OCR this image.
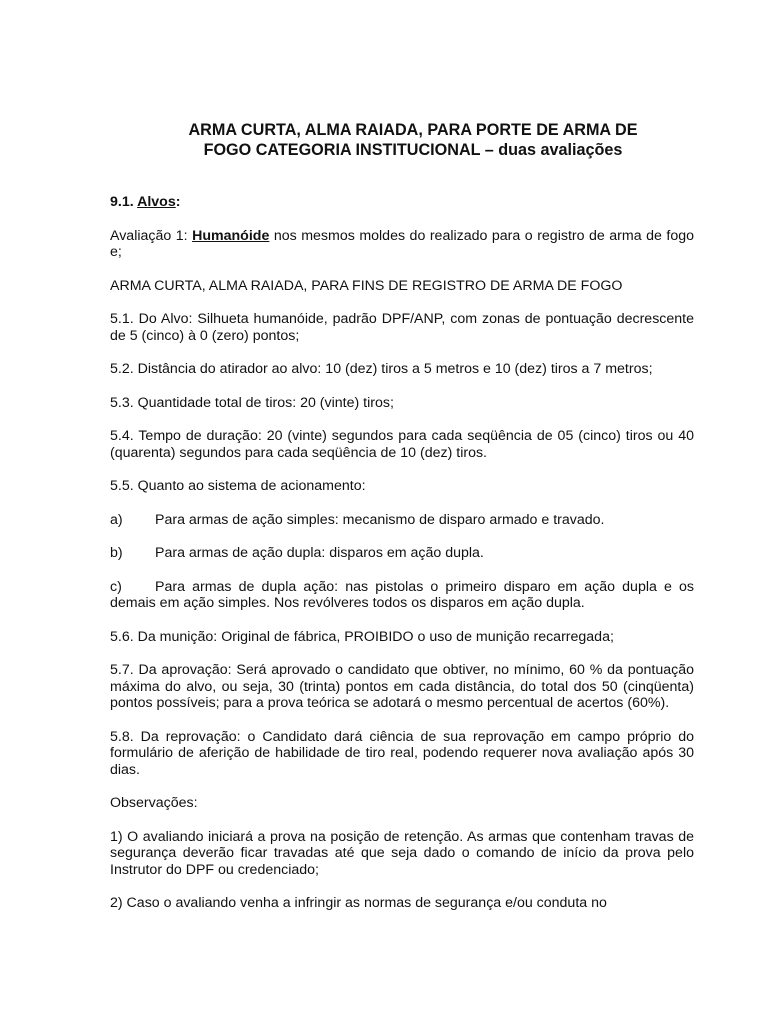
ARMA CURTA, ALMA RAIADA, PARA PORTE DE ARMA DE
FOGO CATEGORIA INSTITUCIONAL – duas avaliações
9.1. Alvos:

Avaliação 1: Humanóide nos mesmos moldes do realizado para o registro de arma de fogo e;

ARMA CURTA, ALMA RAIADA, PARA FINS DE REGISTRO DE ARMA DE FOGO

5.1. Do Alvo: Silhueta humanóide, padrão DPF/ANP, com zonas de pontuação decrescente de 5 (cinco) à 0 (zero) pontos;

5.2. Distância do atirador ao alvo: 10 (dez) tiros a 5 metros e 10 (dez) tiros a 7 metros;

5.3. Quantidade total de tiros: 20 (vinte) tiros;

5.4. Tempo de duração: 20 (vinte) segundos para cada seqüência de 05 (cinco) tiros ou 40 (quarenta) segundos para cada seqüência de 10 (dez) tiros.

5.5. Quanto ao sistema de acionamento:

a) Para armas de ação simples: mecanismo de disparo armado e travado.

b) Para armas de ação dupla: disparos em ação dupla.

c) Para armas de dupla ação: nas pistolas o primeiro disparo em ação dupla e os demais em ação simples. Nos revólveres todos os disparos em ação dupla.

5.6. Da munição: Original de fábrica, PROIBIDO o uso de munição recarregada;

5.7. Da aprovação: Será aprovado o candidato que obtiver, no mínimo, 60 % da pontuação máxima do alvo, ou seja, 30 (trinta) pontos em cada distância, do total dos 50 (cinqüenta) pontos possíveis; para a prova teórica se adotará o mesmo percentual de acertos (60%).

5.8. Da reprovação: o Candidato dará ciência de sua reprovação em campo próprio do formulário de aferição de habilidade de tiro real, podendo requerer nova avaliação após 30 dias.

Observações:

1) O avaliando iniciará a prova na posição de retenção. As armas que contenham travas de segurança deverão ficar travadas até que seja dado o comando de início da prova pelo Instrutor do DPF ou credenciado;

2) Caso o avaliando venha a infringir as normas de segurança e/ou conduta no
